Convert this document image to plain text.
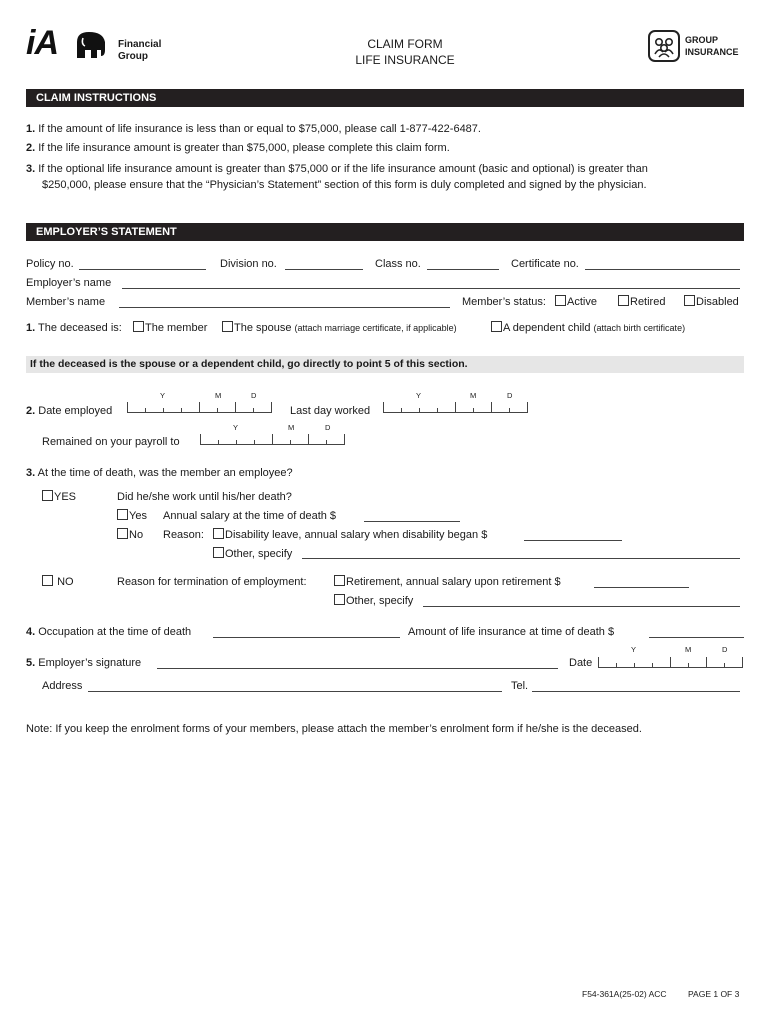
iA	Financial
Group
CLAIM FORM
LIFE INSURANCE
GROUP
INSURANCE
CLAIM INSTRUCTIONS
1. If the amount of life insurance is less than or equal to $75,000, please call 1-877-422-6487.
2. If the life insurance amount is greater than $75,000, please complete this claim form.
3. If the optional life insurance amount is greater than $75,000 or if the life insurance amount (basic and optional) is greater than
$250,000, please ensure that the “Physician’s Statement” section of this form is duly completed and signed by the physician.
EMPLOYER’S STATEMENT
Policy no.	Division no.	Class no.	Certificate no.
Employer’s name
Member’s name	Member’s status:	Active	Retired	Disabled
1. The deceased is:	The member	The spouse (attach marriage certificate, if applicable)	A dependent child (attach birth certificate)
If the deceased is the spouse or a dependent child, go directly to point 5 of this section.
Y	M	D	Y	M	D
2. Date employed	Last day worked
Y	M	D
Remained on your payroll to
3. At the time of death, was the member an employee?
YES	Did he/she work until his/her death?
Yes Annual salary at the time of death $
No Reason:	Disability leave, annual salary when disability began $
Other, specify
NO	Reason for termination of employment:	Retirement, annual salary upon retirement $
Other, specify
4. Occupation at the time of death	Amount of life insurance at time of death $
Y	M	D
5. Employer’s signature	Date
Address	Tel.
Note: If you keep the enrolment forms of your members, please attach the member’s enrolment form if he/she is the deceased.
F54-361A(25-02) ACC	PAGE 1 OF 3
